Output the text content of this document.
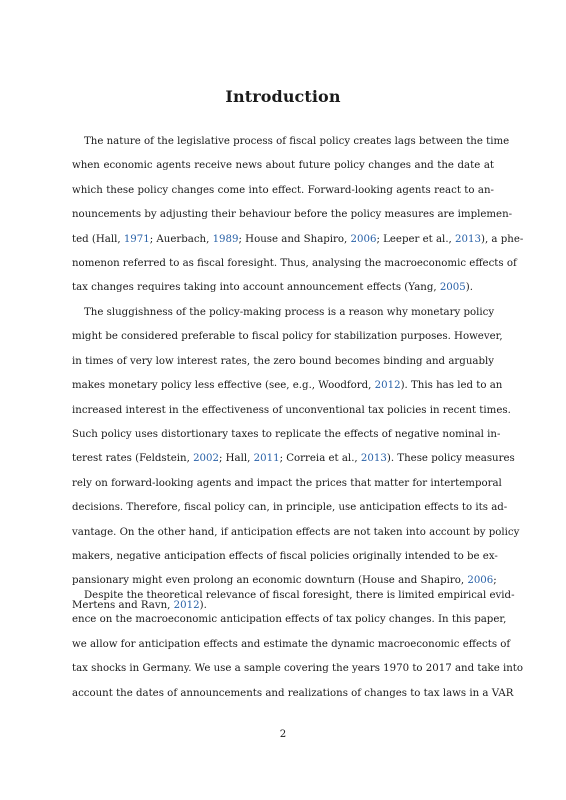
Introduction
The nature of the legislative process of fiscal policy creates lags between the time
when economic agents receive news about future policy changes and the date at
which these policy changes come into effect. Forward-looking agents react to an-
nouncements by adjusting their behaviour before the policy measures are implemen-
ted (Hall, 1971; Auerbach, 1989; House and Shapiro, 2006; Leeper et al., 2013), a phe-
nomenon referred to as fiscal foresight. Thus, analysing the macroeconomic effects of
tax changes requires taking into account announcement effects (Yang, 2005).
The sluggishness of the policy-making process is a reason why monetary policy
might be considered preferable to fiscal policy for stabilization purposes. However,
in times of very low interest rates, the zero bound becomes binding and arguably
makes monetary policy less effective (see, e.g., Woodford, 2012). This has led to an
increased interest in the effectiveness of unconventional tax policies in recent times.
Such policy uses distortionary taxes to replicate the effects of negative nominal in-
terest rates (Feldstein, 2002; Hall, 2011; Correia et al., 2013). These policy measures
rely on forward-looking agents and impact the prices that matter for intertemporal
decisions. Therefore, fiscal policy can, in principle, use anticipation effects to its ad-
vantage. On the other hand, if anticipation effects are not taken into account by policy
makers, negative anticipation effects of fiscal policies originally intended to be ex-
pansionary might even prolong an economic downturn (House and Shapiro, 2006;
Mertens and Ravn, 2012).
Despite the theoretical relevance of fiscal foresight, there is limited empirical evid-
ence on the macroeconomic anticipation effects of tax policy changes. In this paper,
we allow for anticipation effects and estimate the dynamic macroeconomic effects of
tax shocks in Germany. We use a sample covering the years 1970 to 2017 and take into
account the dates of announcements and realizations of changes to tax laws in a VAR
2
